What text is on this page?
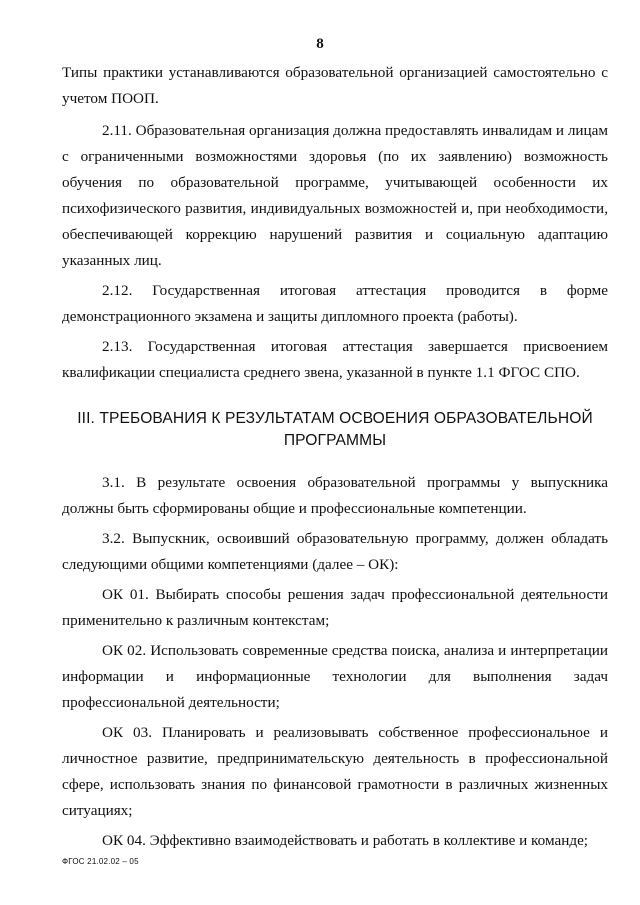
8

Типы практики устанавливаются образовательной организацией самостоятельно с учетом ПООП.

2.11. Образовательная организация должна предоставлять инвалидам и лицам с ограниченными возможностями здоровья (по их заявлению) возможность обучения по образовательной программе, учитывающей особенности их психофизического развития, индивидуальных возможностей и, при необходимости, обеспечивающей коррекцию нарушений развития и социальную адаптацию указанных лиц.

2.12. Государственная итоговая аттестация проводится в форме демонстрационного экзамена и защиты дипломного проекта (работы).

2.13. Государственная итоговая аттестация завершается присвоением квалификации специалиста среднего звена, указанной в пункте 1.1 ФГОС СПО.

III. ТРЕБОВАНИЯ К РЕЗУЛЬТАТАМ ОСВОЕНИЯ ОБРАЗОВАТЕЛЬНОЙ
ПРОГРАММЫ

3.1. В результате освоения образовательной программы у выпускника должны быть сформированы общие и профессиональные компетенции.

3.2. Выпускник, освоивший образовательную программу, должен обладать следующими общими компетенциями (далее – ОК):

ОК 01. Выбирать способы решения задач профессиональной деятельности применительно к различным контекстам;

ОК 02. Использовать современные средства поиска, анализа и интерпретации информации и информационные технологии для выполнения задач профессиональной деятельности;

ОК 03. Планировать и реализовывать собственное профессиональное и личностное развитие, предпринимательскую деятельность в профессиональной сфере, использовать знания по финансовой грамотности в различных жизненных ситуациях;

ОК 04. Эффективно взаимодействовать и работать в коллективе и команде;

ФГОС 21.02.02 – 05
